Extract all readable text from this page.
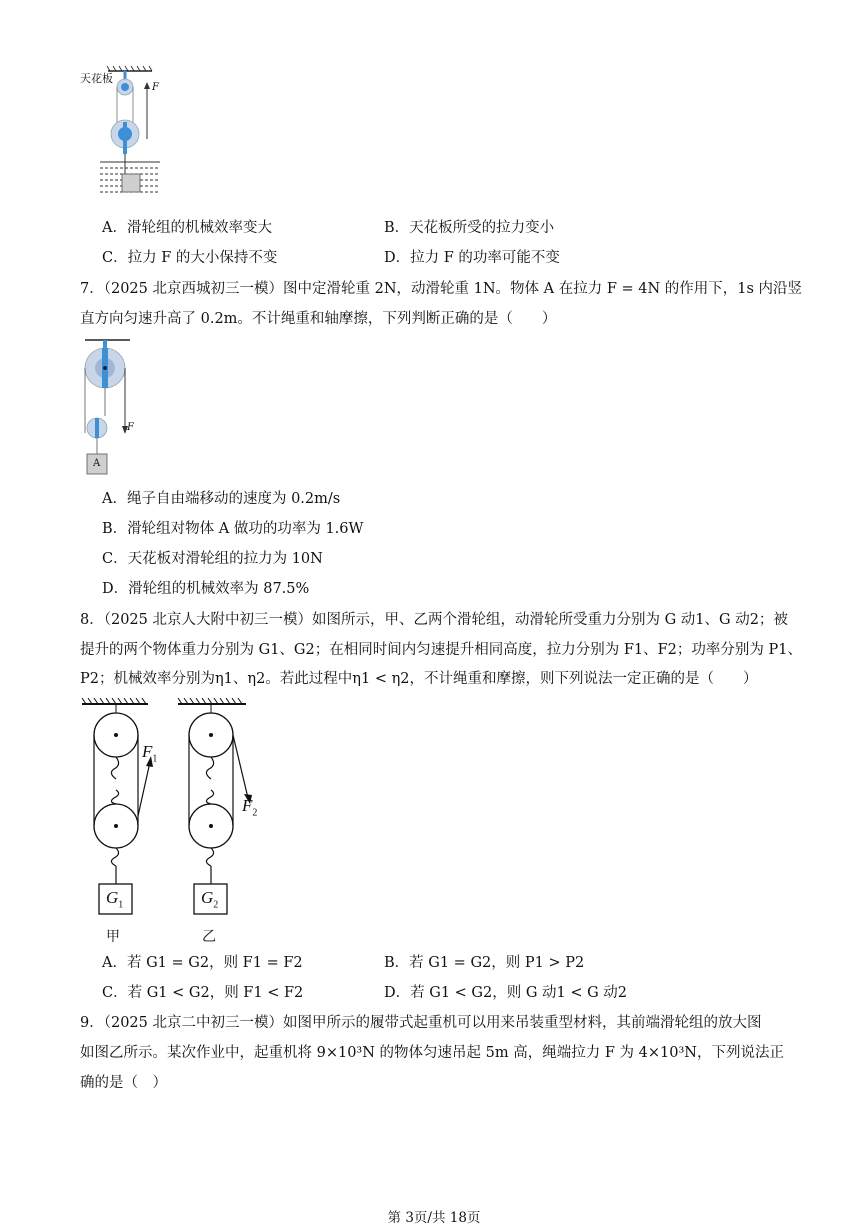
天花板
F
A．滑轮组的机械效率变大	B．天花板所受的拉力变小
C．拉力 F 的大小保持不变	D．拉力 F 的功率可能不变
7．（2025 北京西城初三一模）图中定滑轮重 2N，动滑轮重 1N。物体 A 在拉力 F = 4N 的作用下，1s 内沿竖
直方向匀速升高了 0.2m。不计绳重和轴摩擦，下列判断正确的是（　　）
F
A
A．绳子自由端移动的速度为 0.2m/s
B．滑轮组对物体 A 做功的功率为 1.6W
C．天花板对滑轮组的拉力为 10N
D．滑轮组的机械效率为 87.5%
8．（2025 北京人大附中初三一模）如图所示，甲、乙两个滑轮组，动滑轮所受重力分别为 G 动1、G 动2；被
提升的两个物体重力分别为 G1、G2；在相同时间内匀速提升相同高度，拉力分别为 F1、F2；功率分别为 P1、
P2；机械效率分别为η1、η2。若此过程中η1 < η2，不计绳重和摩擦，则下列说法一定正确的是（　　）
$F_1$
$F_2$
$G_1$	$G_2$
甲	乙
A．若 G1 = G2，则 F1 = F2	B．若 G1 = G2，则 P1 > P2
C．若 G1 < G2，则 F1 < F2	D．若 G1 < G2，则 G 动1 < G 动2
9．（2025 北京二中初三一模）如图甲所示的履带式起重机可以用来吊装重型材料，其前端滑轮组的放大图
如图乙所示。某次作业中，起重机将 9×10³N 的物体匀速吊起 5m 高，绳端拉力 F 为 4×10³N，下列说法正
确的是（　）
第 3页/共 18页
